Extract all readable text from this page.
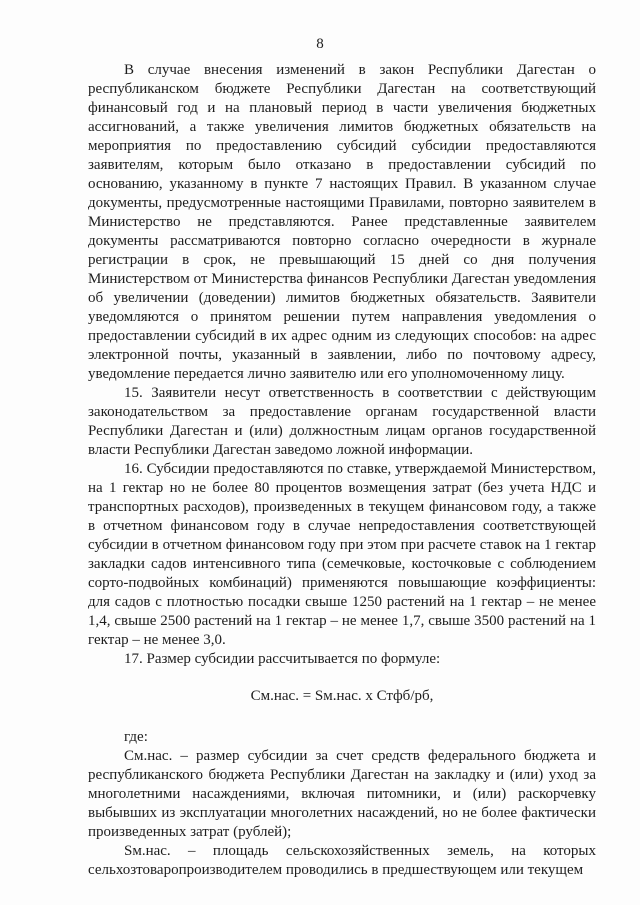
8

В случае внесения изменений в закон Республики Дагестан о республиканском бюджете Республики Дагестан на соответствующий финансовый год и на плановый период в части увеличения бюджетных ассигнований, а также увеличения лимитов бюджетных обязательств на мероприятия по предоставлению субсидий субсидии предоставляются заявителям, которым было отказано в предоставлении субсидий по основанию, указанному в пункте 7 настоящих Правил. В указанном случае документы, предусмотренные настоящими Правилами, повторно заявителем в Министерство не представляются. Ранее представленные заявителем документы рассматриваются повторно согласно очередности в журнале регистрации в срок, не превышающий 15 дней со дня получения Министерством от Министерства финансов Республики Дагестан уведомления об увеличении (доведении) лимитов бюджетных обязательств. Заявители уведомляются о принятом решении путем направления уведомления о предоставлении субсидий в их адрес одним из следующих способов: на адрес электронной почты, указанный в заявлении, либо по почтовому адресу, уведомление передается лично заявителю или его уполномоченному лицу.

15. Заявители несут ответственность в соответствии с действующим законодательством за предоставление органам государственной власти Республики Дагестан и (или) должностным лицам органов государственной власти Республики Дагестан заведомо ложной информации.

16. Субсидии предоставляются по ставке, утверждаемой Министерством, на 1 гектар но не более 80 процентов возмещения затрат (без учета НДС и транспортных расходов), произведенных в текущем финансовом году, а также в отчетном финансовом году в случае непредоставления соответствующей субсидии в отчетном финансовом году при этом при расчете ставок на 1 гектар закладки садов интенсивного типа (семечковые, косточковые с соблюдением сорто-подвойных комбинаций) применяются повышающие коэффициенты: для садов с плотностью посадки свыше 1250 растений на 1 гектар – не менее 1,4, свыше 2500 растений на 1 гектар – не менее 1,7, свыше 3500 растений на 1 гектар – не менее 3,0.

17. Размер субсидии рассчитывается по формуле:

См.нас. = Sм.нас. х Стфб/рб,

где:

См.нас. – размер субсидии за счет средств федерального бюджета и республиканского бюджета Республики Дагестан на закладку и (или) уход за многолетними насаждениями, включая питомники, и (или) раскорчевку выбывших из эксплуатации многолетних насаждений, но не более фактически произведенных затрат (рублей);

Sм.нас. – площадь сельскохозяйственных земель, на которых сельхозтоваропроизводителем проводились в предшествующем или текущем
